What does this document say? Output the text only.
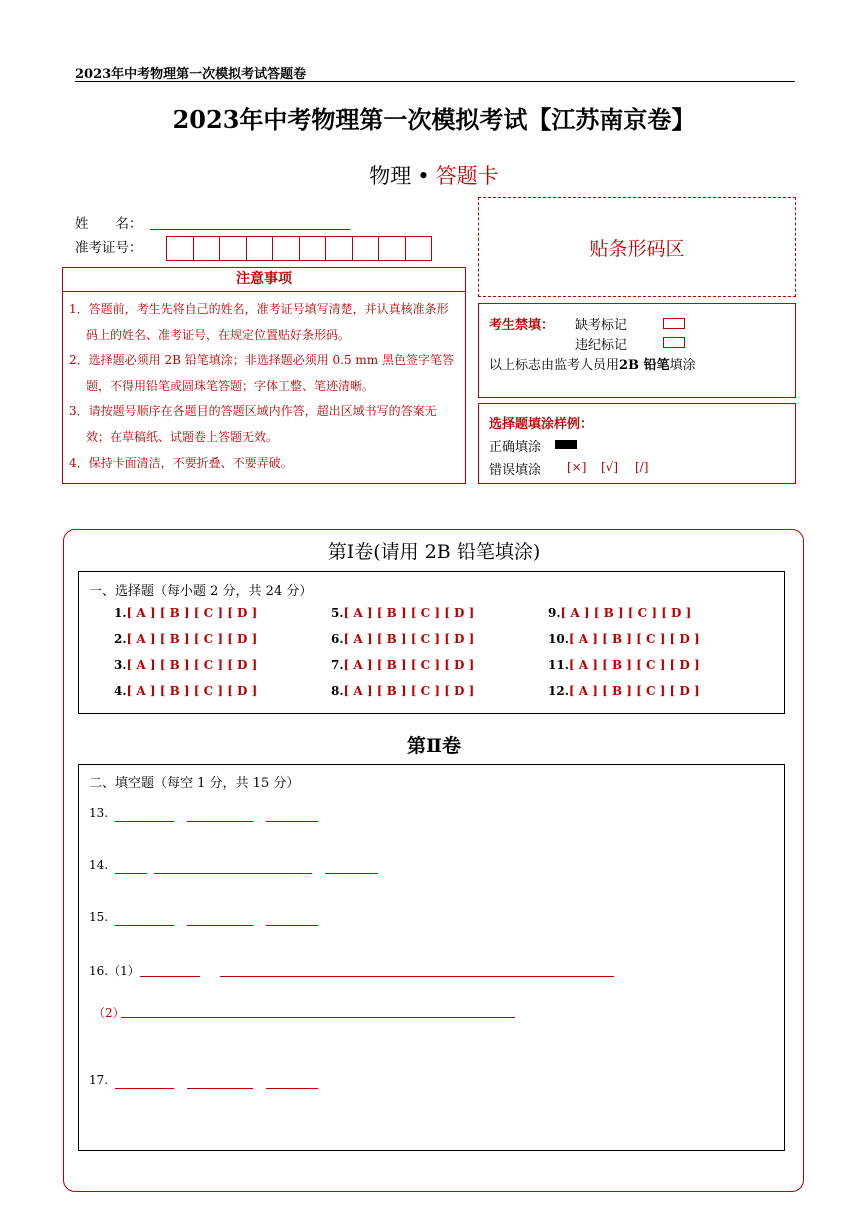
2023年中考物理第一次模拟考试答题卷
2023年中考物理第一次模拟考试【江苏南京卷】
物理 • 答题卡
姓　　名：
准考证号：
注意事项
1．答题前，考生先将自己的姓名，准考证号填写清楚，并认真核准条形码上的姓名、准考证号，在规定位置贴好条形码。
2．选择题必须用 2B 铅笔填涂；非选择题必须用 0.5 mm 黑色签字笔答题，不得用铅笔或圆珠笔答题；字体工整、笔迹清晰。
3．请按题号顺序在各题目的答题区域内作答，超出区域书写的答案无效；在草稿纸、试题卷上答题无效。
4．保持卡面清洁，不要折叠、不要弄破。
贴条形码区
考生禁填： 缺考标记
违纪标记
以上标志由监考人员用2B 铅笔填涂
选择题填涂样例：
正确填涂
错误填涂 [×] [√] [/]
第Ⅰ卷(请用 2B 铅笔填涂)
一、选择题（每小题 2 分，共 24 分）
1.[ A ] [ B ] [ C ] [ D ]
2.[ A ] [ B ] [ C ] [ D ]
3.[ A ] [ B ] [ C ] [ D ]
4.[ A ] [ B ] [ C ] [ D ]
5.[ A ] [ B ] [ C ] [ D ]
6.[ A ] [ B ] [ C ] [ D ]
7.[ A ] [ B ] [ C ] [ D ]
8.[ A ] [ B ] [ C ] [ D ]
9.[ A ] [ B ] [ C ] [ D ]
10.[ A ] [ B ] [ C ] [ D ]
11.[ A ] [ B ] [ C ] [ D ]
12.[ A ] [ B ] [ C ] [ D ]
第Ⅱ卷
二、填空题（每空 1 分，共 15 分）
13.
14.
15.
16.（1）
（2）
17.
